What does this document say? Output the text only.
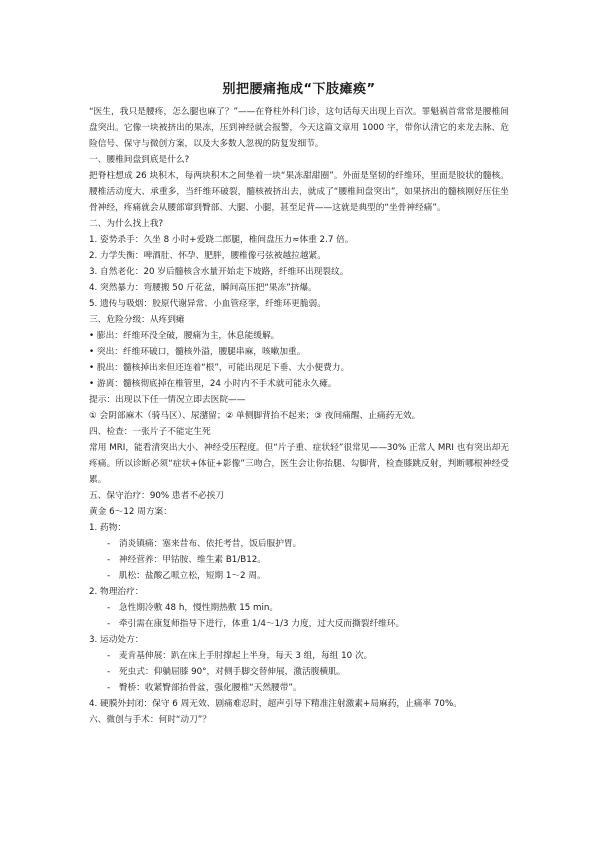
别把腰痛拖成“下肢瘫痪”

“医生，我只是腰疼，怎么腿也麻了？”——在脊柱外科门诊，这句话每天出现上百次。罪魁祸首常常是腰椎间盘突出。它像一块被挤出的果冻，压到神经就会报警，今天这篇文章用 1000 字，带你认清它的来龙去脉、危险信号、保守与微创方案，以及大多数人忽视的防复发细节。

一、腰椎间盘到底是什么?

把脊柱想成 26 块积木，每两块积木之间垫着一块“果冻甜甜圈”。外面是坚韧的纤维环，里面是胶状的髓核。腰椎活动度大、承重多，当纤维环破裂，髓核被挤出去，就成了“腰椎间盘突出”，如果挤出的髓核刚好压住坐骨神经，疼痛就会从腰部窜到臀部、大腿、小腿，甚至足背——这就是典型的“坐骨神经痛”。

二、为什么找上我?
1. 姿势杀手：久坐 8 小时+爱跷二郎腿，椎间盘压力≈体重 2.7 倍。
2. 力学失衡：啤酒肚、怀孕、肥胖，腰椎像弓弦被越拉越紧。
3. 自然老化：20 岁后髓核含水量开始走下坡路，纤维环出现裂纹。
4. 突然暴力：弯腰搬 50 斤花盆，瞬间高压把“果冻”挤爆。
5. 遗传与吸烟：胶原代谢异常、小血管痉挛，纤维环更脆弱。
三、危险分级：从疼到瘫
• 膨出：纤维环没全破，腰痛为主，休息能缓解。
• 突出：纤维环破口，髓核外溢，腰腿串麻，咳嗽加重。
• 脱出：髓核掉出来但还连着“根”，可能出现足下垂、大小便费力。
• 游离：髓核彻底掉在椎管里，24 小时内不手术就可能永久瘫。
提示：出现以下任一情况立即去医院——
① 会阴部麻木（骑马区）、尿潴留；② 单侧脚背抬不起来；③ 夜间痛醒、止痛药无效。
四、检查：一张片子不能定生死

常用 MRI，能看清突出大小、神经受压程度。但“片子重、症状轻”很常见——30% 正常人 MRI 也有突出却无疼痛。所以诊断必须“症状+体征+影像”三吻合，医生会让你抬腿、勾脚背，检查膝跳反射，判断哪根神经受累。

五、保守治疗：90% 患者不必挨刀
黄金 6～12 周方案：
1. 药物：
-　消炎镇痛：塞来昔布、依托考昔，饭后服护胃。
-　神经营养：甲钴胺、维生素 B1/B12。
-　肌松：盐酸乙哌立松，短期 1～2 周。
2. 物理治疗：
-　急性期冷敷 48 h，慢性期热敷 15 min。
-　牵引需在康复师指导下进行，体重 1/4～1/3 力度，过大反而撕裂纤维环。
3. 运动处方：
-　麦肯基伸展：趴在床上手肘撑起上半身，每天 3 组，每组 10 次。
-　死虫式：仰躺屈膝 90°，对侧手脚交替伸展，激活腹横肌。
-　臀桥：收紧臀部抬骨盆，强化腰椎“天然腰带”。

4. 硬膜外封闭：保守 6 周无效、剧痛难忍时，超声引导下精准注射激素+局麻药，止痛率 70%。

六、微创与手术：何时“动刀”？
